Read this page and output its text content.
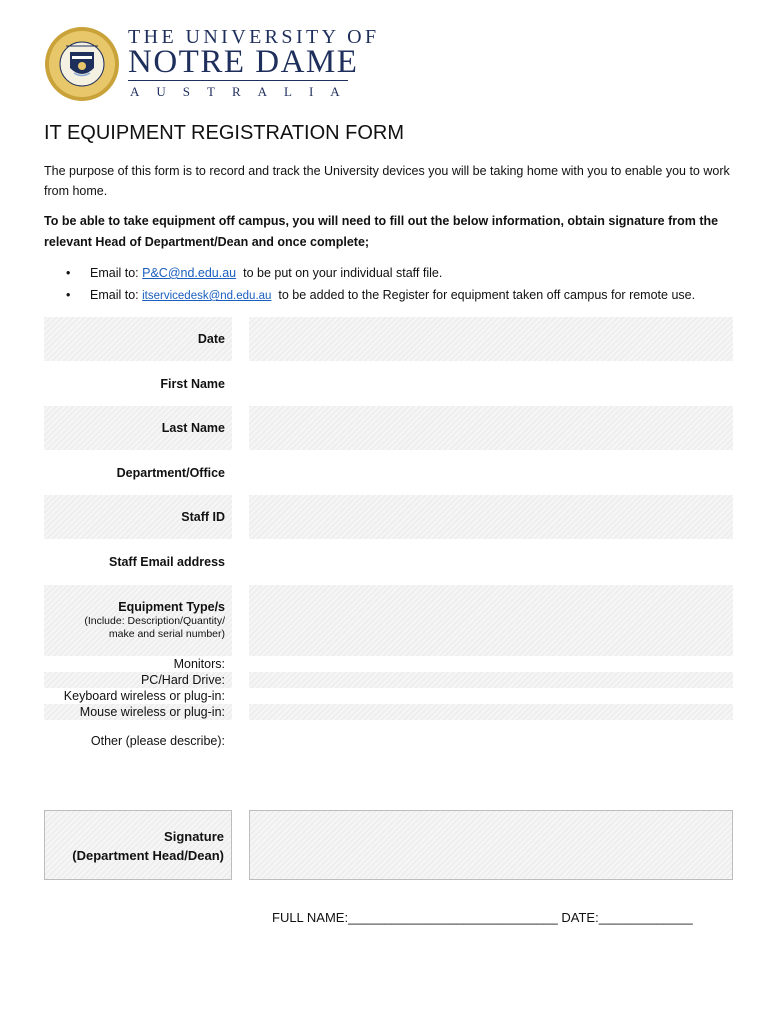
THE UNIVERSITY OF
NOTRE DAME
AUSTRALIA
IT EQUIPMENT REGISTRATION FORM
The purpose of this form is to record and track the University devices you will be taking home with you to enable you to work from home.
To be able to take equipment off campus, you will need to fill out the below information, obtain signature from the relevant Head of Department/Dean and once complete;
• Email to: P&C@nd.edu.au to be put on your individual staff file.
• Email to: itservicedesk@nd.edu.au to be added to the Register for equipment taken off campus for remote use.
Date
First Name
Last Name
Department/Office
Staff ID
Staff Email address
Equipment Type/s
(Include: Description/Quantity/
make and serial number)
Monitors:
PC/Hard Drive:
Keyboard wireless or plug-in:
Mouse wireless or plug-in:
Other (please describe):
Signature
(Department Head/Dean)
FULL NAME:_____________________________ DATE:_____________
